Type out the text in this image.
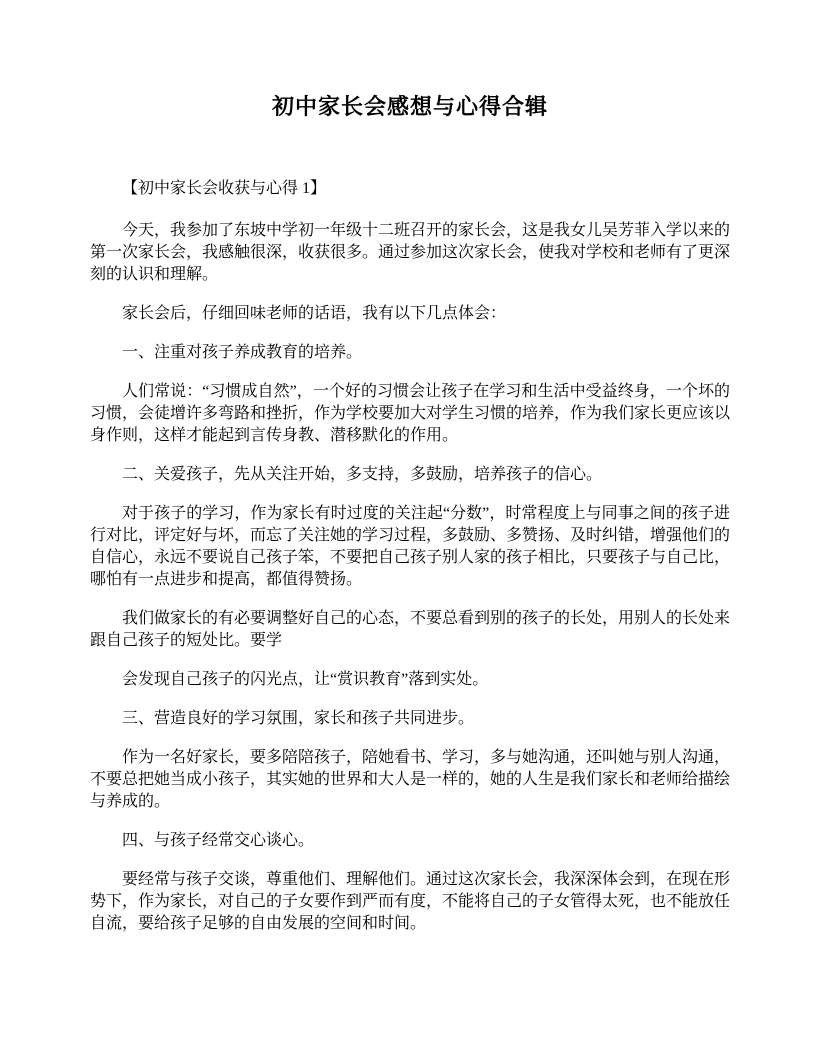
初中家长会感想与心得合辑

【初中家长会收获与心得 1】

今天，我参加了东坡中学初一年级十二班召开的家长会，这是我女儿吴芳菲入学以来的第一次家长会，我感触很深，收获很多。通过参加这次家长会，使我对学校和老师有了更深刻的认识和理解。

家长会后，仔细回味老师的话语，我有以下几点体会：

一、注重对孩子养成教育的培养。

人们常说：“习惯成自然”，一个好的习惯会让孩子在学习和生活中受益终身，一个坏的习惯，会徒增许多弯路和挫折，作为学校要加大对学生习惯的培养，作为我们家长更应该以身作则，这样才能起到言传身教、潜移默化的作用。

二、关爱孩子，先从关注开始，多支持，多鼓励，培养孩子的信心。

对于孩子的学习，作为家长有时过度的关注起“分数”，时常程度上与同事之间的孩子进行对比，评定好与坏，而忘了关注她的学习过程，多鼓励、多赞扬、及时纠错，增强他们的自信心，永远不要说自己孩子笨，不要把自己孩子别人家的孩子相比，只要孩子与自己比，哪怕有一点进步和提高，都值得赞扬。

我们做家长的有必要调整好自己的心态，不要总看到别的孩子的长处，用别人的长处来跟自己孩子的短处比。要学

会发现自己孩子的闪光点，让“赏识教育”落到实处。

三、营造良好的学习氛围，家长和孩子共同进步。

作为一名好家长，要多陪陪孩子，陪她看书、学习，多与她沟通，还叫她与别人沟通，不要总把她当成小孩子，其实她的世界和大人是一样的，她的人生是我们家长和老师给描绘与养成的。

四、与孩子经常交心谈心。

要经常与孩子交谈，尊重他们、理解他们。通过这次家长会，我深深体会到，在现在形势下，作为家长，对自己的子女要作到严而有度，不能将自己的子女管得太死，也不能放任自流，要给孩子足够的自由发展的空间和时间。
